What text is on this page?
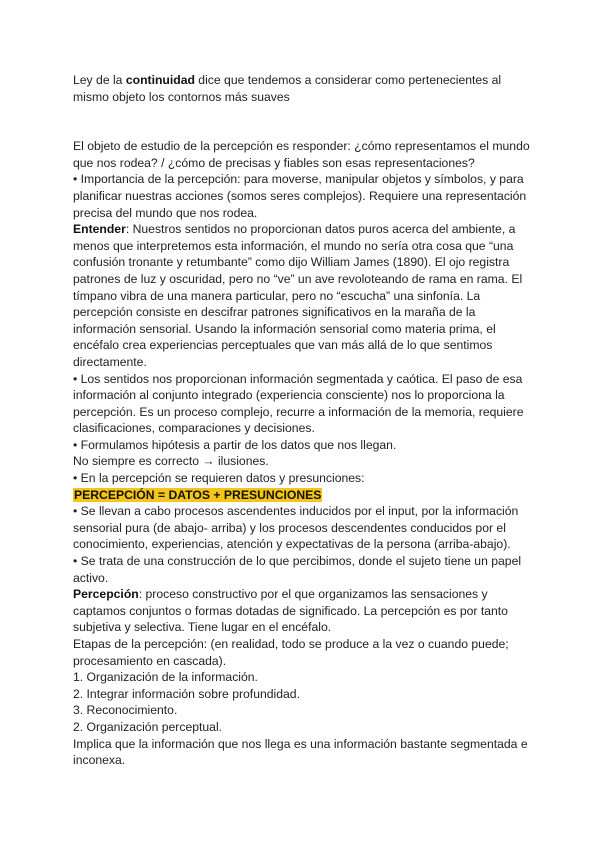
Ley de la continuidad dice que tendemos a considerar como pertenecientes al mismo objeto los contornos más suaves

El objeto de estudio de la percepción es responder: ¿cómo representamos el mundo que nos rodea? / ¿cómo de precisas y fiables son esas representaciones?

• Importancia de la percepción: para moverse, manipular objetos y símbolos, y para planificar nuestras acciones (somos seres complejos). Requiere una representación precisa del mundo que nos rodea.

Entender: Nuestros sentidos no proporcionan datos puros acerca del ambiente, a menos que interpretemos esta información, el mundo no sería otra cosa que “una confusión tronante y retumbante” como dijo William James (1890). El ojo registra patrones de luz y oscuridad, pero no “ve” un ave revoloteando de rama en rama. El tímpano vibra de una manera particular, pero no “escucha” una sinfonía. La percepción consiste en descifrar patrones significativos en la maraña de la información sensorial. Usando la información sensorial como materia prima, el encéfalo crea experiencias perceptuales que van más allá de lo que sentimos directamente.

• Los sentidos nos proporcionan información segmentada y caótica. El paso de esa información al conjunto integrado (experiencia consciente) nos lo proporciona la percepción. Es un proceso complejo, recurre a información de la memoria, requiere clasificaciones, comparaciones y decisiones.

• Formulamos hipótesis a partir de los datos que nos llegan.

No siempre es correcto → ilusiones.

• En la percepción se requieren datos y presunciones:

PERCEPCIÓN = DATOS + PRESUNCIONES

• Se llevan a cabo procesos ascendentes inducidos por el input, por la información sensorial pura (de abajo- arriba) y los procesos descendentes conducidos por el conocimiento, experiencias, atención y expectativas de la persona (arriba-abajo).

• Se trata de una construcción de lo que percibimos, donde el sujeto tiene un papel activo.

Percepción: proceso constructivo por el que organizamos las sensaciones y captamos conjuntos o formas dotadas de significado. La percepción es por tanto subjetiva y selectiva. Tiene lugar en el encéfalo.

Etapas de la percepción: (en realidad, todo se produce a la vez o cuando puede; procesamiento en cascada).

1. Organización de la información.

2. Integrar información sobre profundidad.

3. Reconocimiento.

2. Organización perceptual.

Implica que la información que nos llega es una información bastante segmentada e inconexa.
